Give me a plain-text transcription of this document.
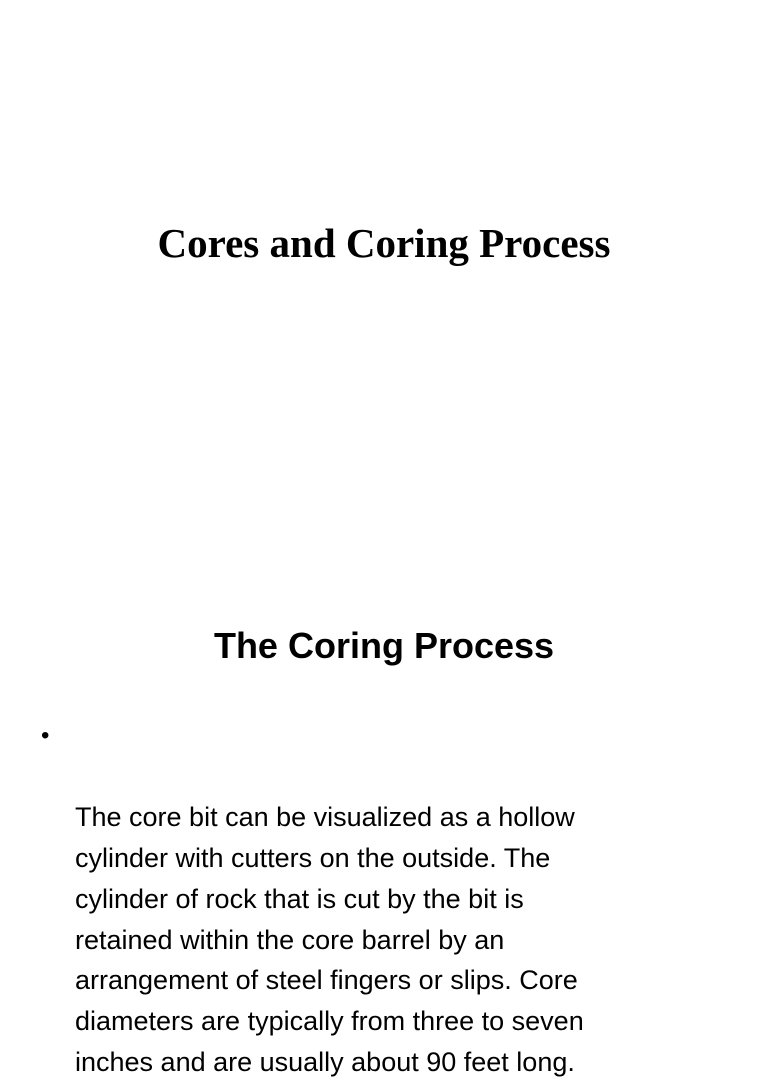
Cores and Coring Process
The Coring Process

•

The core bit can be visualized as a hollow
cylinder with cutters on the outside. The
cylinder of rock that is cut by the bit is
retained within the core barrel by an
arrangement of steel fingers or slips. Core
diameters are typically from three to seven
inches and are usually about 90 feet long.
